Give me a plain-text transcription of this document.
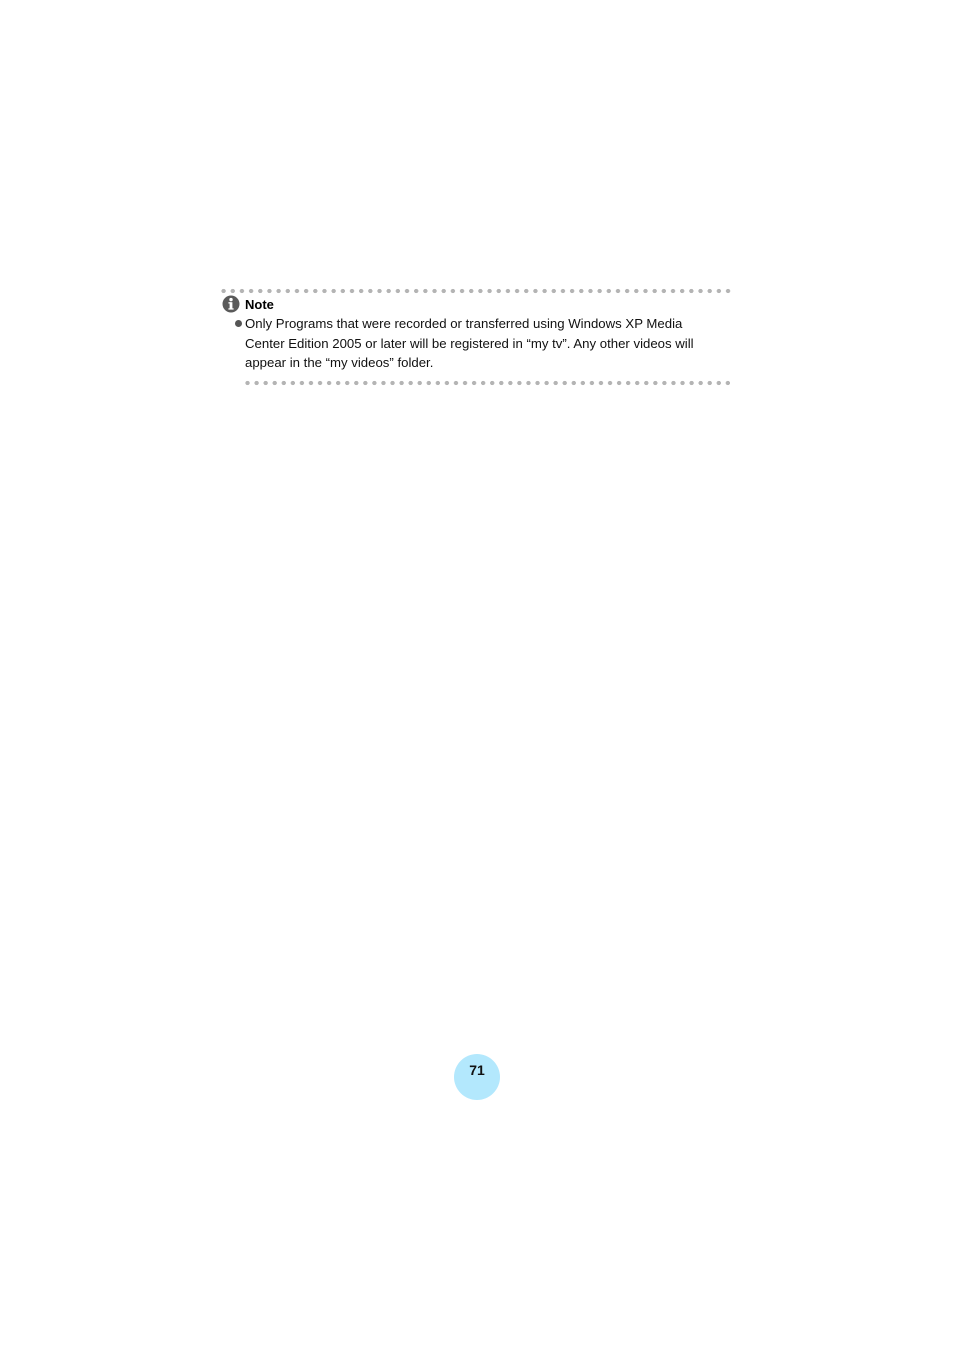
Note
Only Programs that were recorded or transferred using Windows XP Media Center Edition 2005 or later will be registered in “my tv”. Any other videos will appear in the “my videos” folder.
71
